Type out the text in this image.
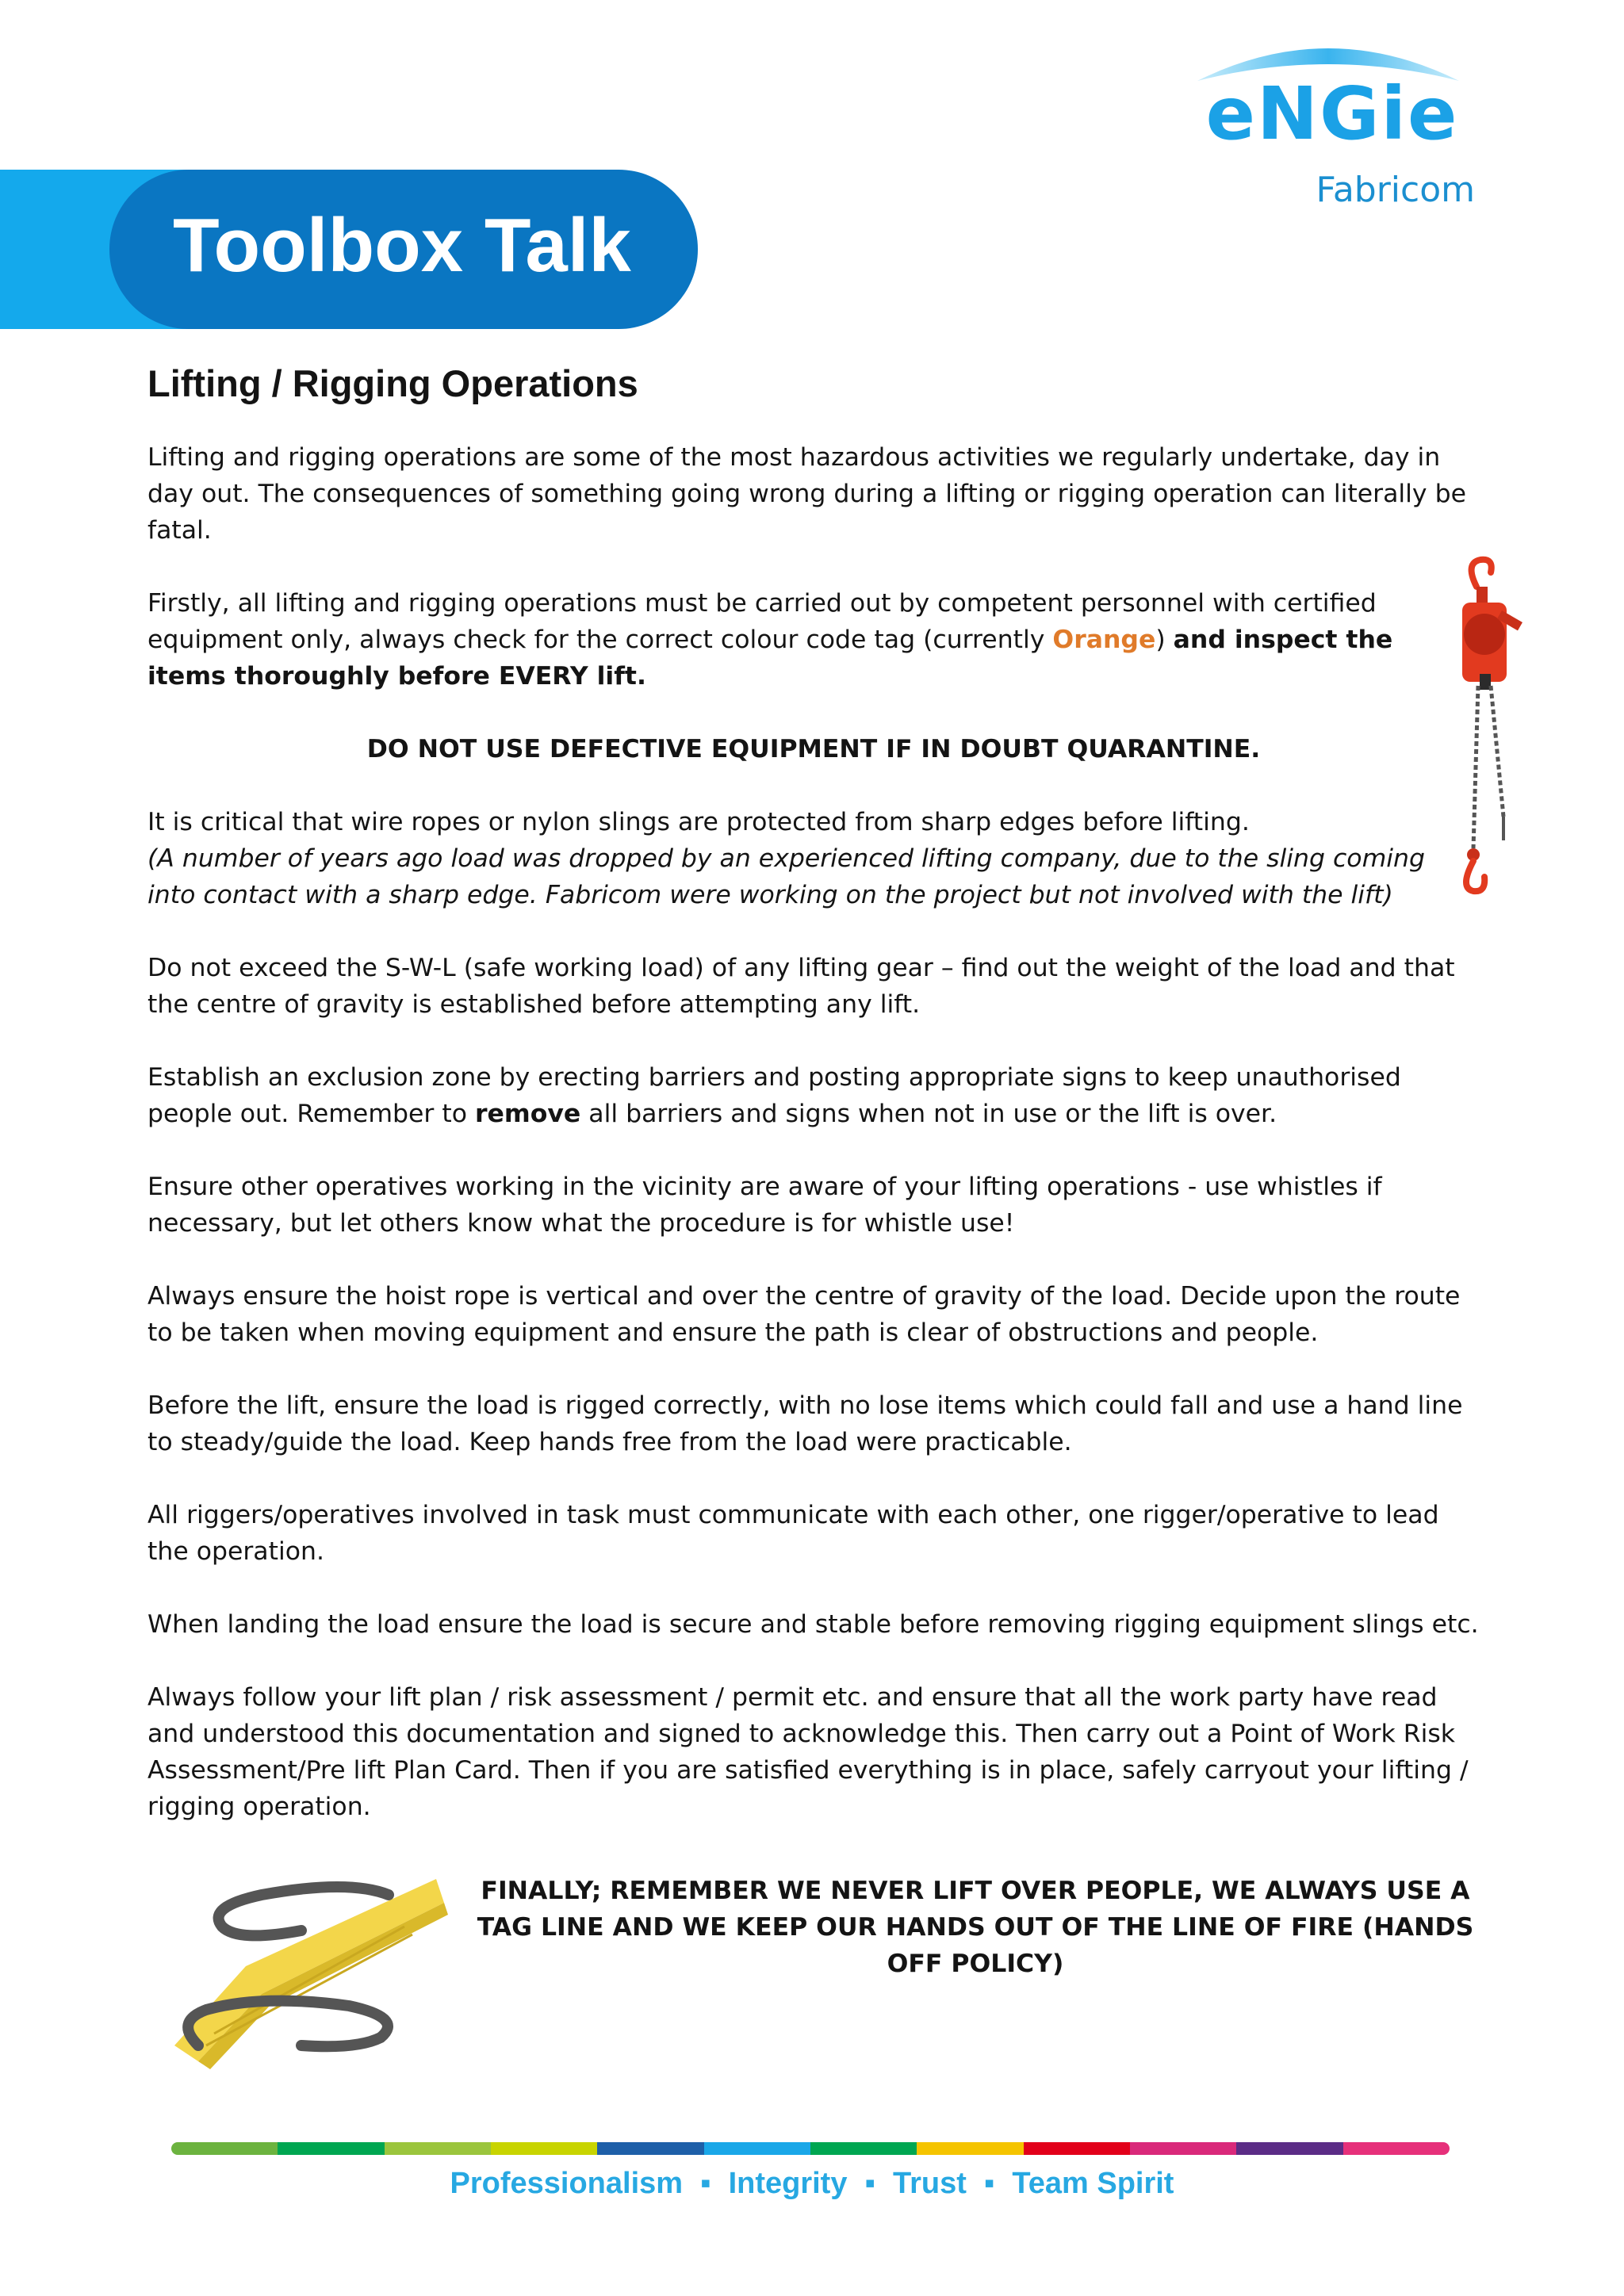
eNGie
Fabricom
Toolbox Talk
Lifting / Rigging Operations

Lifting and rigging operations are some of the most hazardous activities we regularly undertake, day in day out. The consequences of something going wrong during a lifting or rigging operation can literally be fatal.

Firstly, all lifting and rigging operations must be carried out by competent personnel with certified equipment only, always check for the correct colour code tag (currently Orange) and inspect the items thoroughly before EVERY lift.

DO NOT USE DEFECTIVE EQUIPMENT IF IN DOUBT QUARANTINE.

It is critical that wire ropes or nylon slings are protected from sharp edges before lifting.
(A number of years ago load was dropped by an experienced lifting company, due to the sling coming into contact with a sharp edge. Fabricom were working on the project but not involved with the lift)

Do not exceed the S-W-L (safe working load) of any lifting gear – find out the weight of the load and that the centre of gravity is established before attempting any lift.

Establish an exclusion zone by erecting barriers and posting appropriate signs to keep unauthorised people out. Remember to remove all barriers and signs when not in use or the lift is over.

Ensure other operatives working in the vicinity are aware of your lifting operations - use whistles if necessary, but let others know what the procedure is for whistle use!

Always ensure the hoist rope is vertical and over the centre of gravity of the load. Decide upon the route to be taken when moving equipment and ensure the path is clear of obstructions and people.

Before the lift, ensure the load is rigged correctly, with no lose items which could fall and use a hand line to steady/guide the load. Keep hands free from the load were practicable.

All riggers/operatives involved in task must communicate with each other, one rigger/operative to lead the operation.

When landing the load ensure the load is secure and stable before removing rigging equipment slings etc.

Always follow your lift plan / risk assessment / permit etc. and ensure that all the work party have read and understood this documentation and signed to acknowledge this. Then carry out a Point of Work Risk Assessment/Pre lift Plan Card. Then if you are satisfied everything is in place, safely carryout your lifting / rigging operation.

FINALLY; REMEMBER WE NEVER LIFT OVER PEOPLE, WE ALWAYS USE A TAG LINE AND WE KEEP OUR HANDS OUT OF THE LINE OF FIRE (HANDS OFF POLICY)
Professionalism ▪ Integrity ▪ Trust ▪ Team Spirit
